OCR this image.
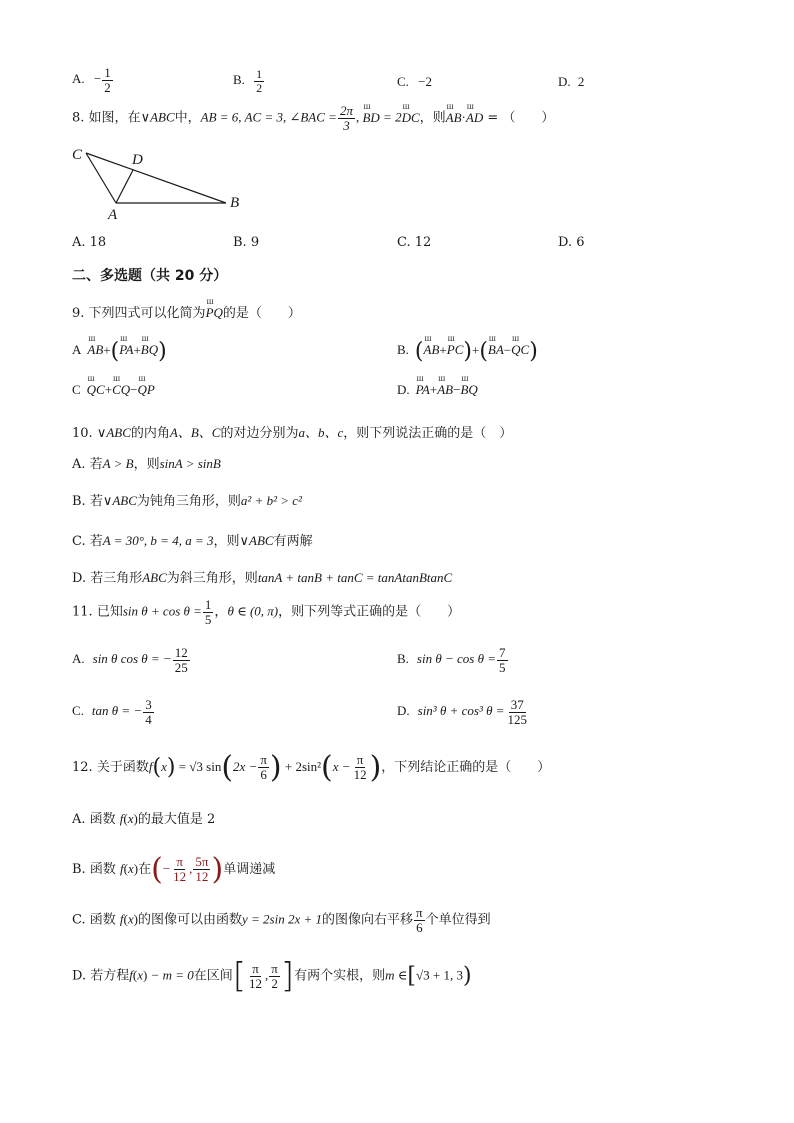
A. − $\frac{1}{2}$	B. $\frac{1}{2}$	C. −2	D. 2
8. 如图，在∨ABC中，AB = 6, AC = 3, ∠BAC = $\frac{2\pi}{3}$ , ш BD = 2ш DC，则ш AB·ш AD = （　　）
C	D
A
B
A. 18	B. 9	C. 12	D. 6
二、多选题（共 20 分）
9. 下列四式可以化简为ш PQ的是（　　）
A ш AB+(ш PA+ш BQ)	B. (ш AB+ш PC)+(ш BA−ш QC)
C ш QC+ш CQ−ш QP	D. ш PA+ш AB−ш BQ
10. ∨ABC的内角A、B、C的对边分别为a、b、c，则下列说法正确的是（　）
A. 若A > B，则sinA > sinB
B. 若∨ABC为钝角三角形，则a² + b² > c²
C. 若A = 30°, b = 4, a = 3，则∨ABC有两解
D. 若三角形ABC为斜三角形，则tanA + tanB + tanC = tanAtanBtanC
11. 已知$\sin \theta + \cos \theta = \frac{1}{5}$ ，θ ∈ (0, π)，则下列等式正确的是（　　）
A. sin θ cos θ = − $\frac{12}{25}$	B. $\sin \theta - \cos \theta = \frac{7}{5}$
C. tan θ = − $\frac{3}{4}$	D. sin³ θ + cos³ $\theta = \frac{37}{125}$
12. 关于函数f(x) = √3 $\sin(2x - \frac{\pi}{6}$ ) + $2\sin^2(x - \frac{\pi}{12}$ )，下列结论正确的是（　　）
A. 函数 f(x)的最大值是 2
B. 函数 f(x)在(− $\frac{\pi}{12}$ , $\frac{5\pi}{12}$ )单调递减
C. 函数 f(x)的图像可以由函数y = 2sin 2x + 1的图像向右平移 $\frac{\pi}{6}$ 个单位得到
D. 若方程f(x) − m = 0在区间[ $\frac{\pi}{12}$ , $\frac{\pi}{2}$ ]有两个实根，则m ∈[√3 + 1, 3)
